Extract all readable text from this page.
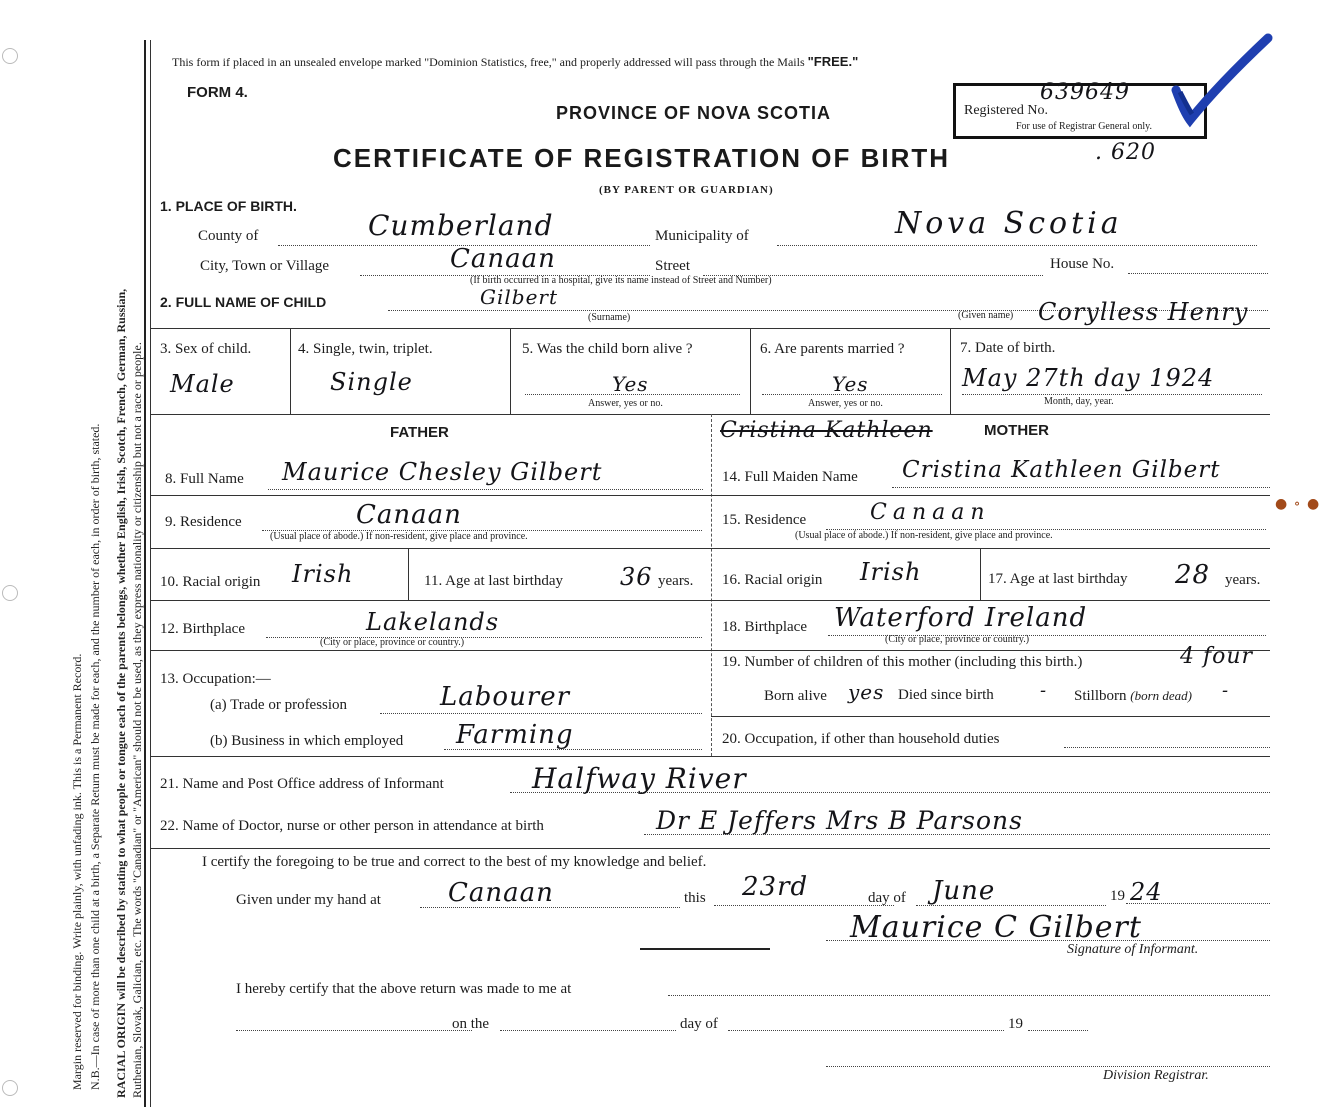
Margin reserved for binding. Write plainly, with unfading ink. This is a Permanent Record. N.B.—In case of more than one child at a birth, a Separate Return must be made for each, and the number of each, in order of birth, stated. RACIAL ORIGIN will be described by stating to what people or tongue each of the parents belongs, whether English, Irish, Scotch, French, German, Russian, Ruthenian, Slovak, Galician, etc. The words "Canadian" or "American" should not be used, as they express nationality or citizenship but not a race or people.
This form if placed in an unsealed envelope marked "Dominion Statistics, free," and properly addressed will pass through the Mails "FREE."
FORM 4.
PROVINCE OF NOVA SCOTIA	Registered No.
639649
For use of Registrar General only.
CERTIFICATE OF REGISTRATION OF BIRTH	. 620
(BY PARENT OR GUARDIAN)
1. PLACE OF BIRTH.
County of	Cumberland	Municipality of	Nova Scotia
City, Town or Village	Canaan	Street	House No.
(If birth occurred in a hospital, give its name instead of Street and Number)
2. FULL NAME OF CHILD	Gilbert
(Surname)	(Given name) Corylless Henry
3. Sex of child.
Male
4. Single, twin, triplet.
Single
5. Was the child born alive ?
Yes
Answer, yes or no.
6. Are parents married ?
Yes
Answer, yes or no.
7. Date of birth.
May 27th day 1924
Month, day, year.
FATHER	Cristina Kathleen	MOTHER
8. Full Name Maurice Chesley Gilbert	14. Full Maiden Name Cristina Kathleen Gilbert
● ∘ ●
9. Residence	Canaan
(Usual place of abode.) If non-resident, give place and province.
15. Residence	Canaan
(Usual place of abode.) If non-resident, give place and province.
10. Racial origin Irish	11. Age at last birthday 36 years. 16. Racial origin Irish	17. Age at last birthday 28 years.
12. Birthplace	Lakelands
(City or place, province or country.)
18. Birthplace Waterford Ireland
(City or place, province or country.)
13. Occupation:—
(a) Trade or profession	Labourer
(b) Business in which employed Farming
19. Number of children of this mother (including this birth.)	4 four
Born alive yes Died since birth	- Stillborn (born dead) -
20. Occupation, if other than household duties
21. Name and Post Office address of Informant	Halfway River
22. Name of Doctor, nurse or other person in attendance at birth	Dr E Jeffers Mrs B Parsons
I certify the foregoing to be true and correct to the best of my knowledge and belief.
Given under my hand at	Canaan	this 23rd	day of June	19 24
Maurice C Gilbert
Signature of Informant.
I hereby certify that the above return was made to me at
on the	day of	19
Division Registrar.
